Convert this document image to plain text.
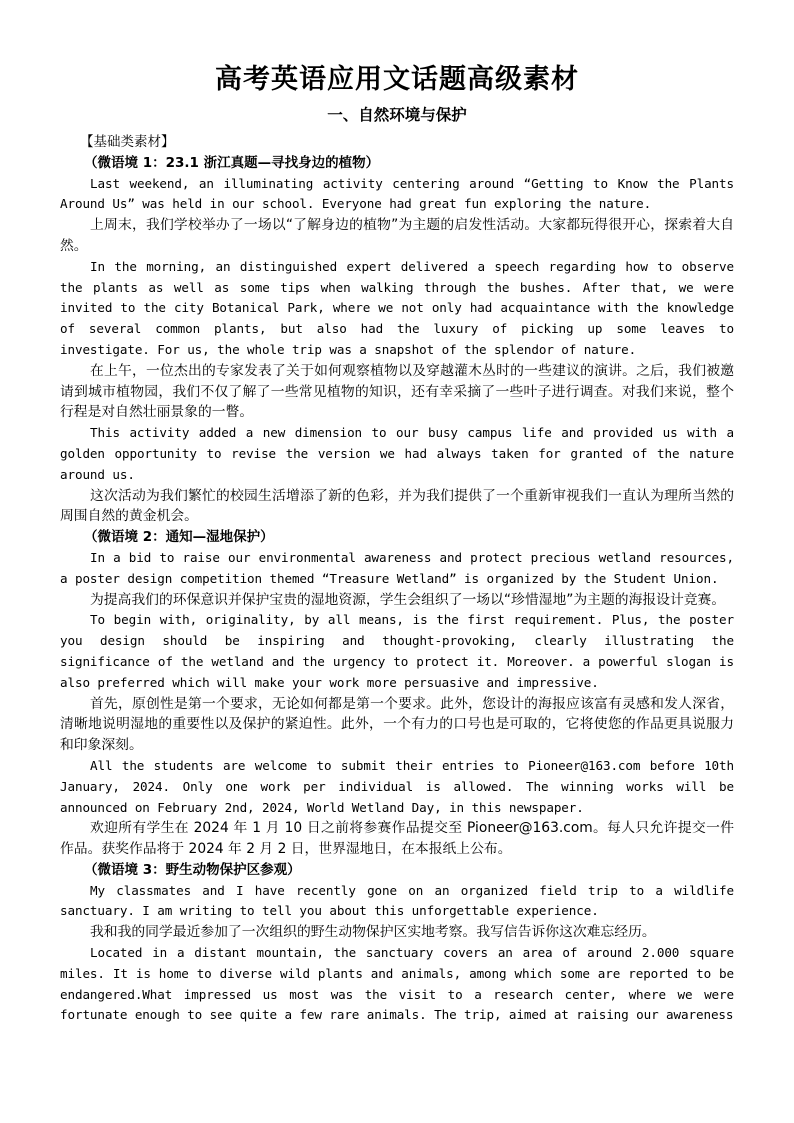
高考英语应用文话题高级素材
一、自然环境与保护
【基础类素材】
（微语境 1：23.1 浙江真题—寻找身边的植物）

Last weekend, an illuminating activity centering around “Getting to Know the Plants Around Us” was held in our school. Everyone had great fun exploring the nature.

上周末，我们学校举办了一场以“了解身边的植物”为主题的启发性活动。大家都玩得很开心，探索着大自然。

In the morning, an distinguished expert delivered a speech regarding how to observe the plants as well as some tips when walking through the bushes. After that, we were invited to the city Botanical Park, where we not only had acquaintance with the knowledge of several common plants, but also had the luxury of picking up some leaves to investigate. For us, the whole trip was a snapshot of the splendor of nature.

在上午，一位杰出的专家发表了关于如何观察植物以及穿越灌木丛时的一些建议的演讲。之后，我们被邀请到城市植物园，我们不仅了解了一些常见植物的知识，还有幸采摘了一些叶子进行调查。对我们来说，整个行程是对自然壮丽景象的一瞥。

This activity added a new dimension to our busy campus life and provided us with a golden opportunity to revise the version we had always taken for granted of the nature around us.

这次活动为我们繁忙的校园生活增添了新的色彩，并为我们提供了一个重新审视我们一直认为理所当然的周围自然的黄金机会。

（微语境 2：通知—湿地保护）

In a bid to raise our environmental awareness and protect precious wetland resources, a poster design competition themed “Treasure Wetland” is organized by the Student Union.

为提高我们的环保意识并保护宝贵的湿地资源，学生会组织了一场以“珍惜湿地”为主题的海报设计竞赛。

To begin with, originality, by all means, is the first requirement. Plus, the poster you design should be inspiring and thought-provoking, clearly illustrating the significance of the wetland and the urgency to protect it. Moreover. a powerful slogan is also preferred which will make your work more persuasive and impressive.

首先，原创性是第一个要求，无论如何都是第一个要求。此外，您设计的海报应该富有灵感和发人深省，清晰地说明湿地的重要性以及保护的紧迫性。此外，一个有力的口号也是可取的，它将使您的作品更具说服力和印象深刻。

All the students are welcome to submit their entries to Pioneer@163.com before 10th January, 2024. Only one work per individual is allowed. The winning works will be announced on February 2nd, 2024, World Wetland Day, in this newspaper.

欢迎所有学生在 2024 年 1 月 10 日之前将参赛作品提交至 Pioneer@163.com。每人只允许提交一件作品。获奖作品将于 2024 年 2 月 2 日，世界湿地日，在本报纸上公布。

（微语境 3：野生动物保护区参观）

My classmates and I have recently gone on an organized field trip to a wildlife sanctuary. I am writing to tell you about this unforgettable experience.

我和我的同学最近参加了一次组织的野生动物保护区实地考察。我写信告诉你这次难忘经历。

Located in a distant mountain, the sanctuary covers an area of around 2.000 square miles. It is home to diverse wild plants and animals, among which some are reported to be endangered.What impressed us most was the visit to a research center, where we were fortunate enough to see quite a few rare animals. The trip, aimed at raising our awareness
